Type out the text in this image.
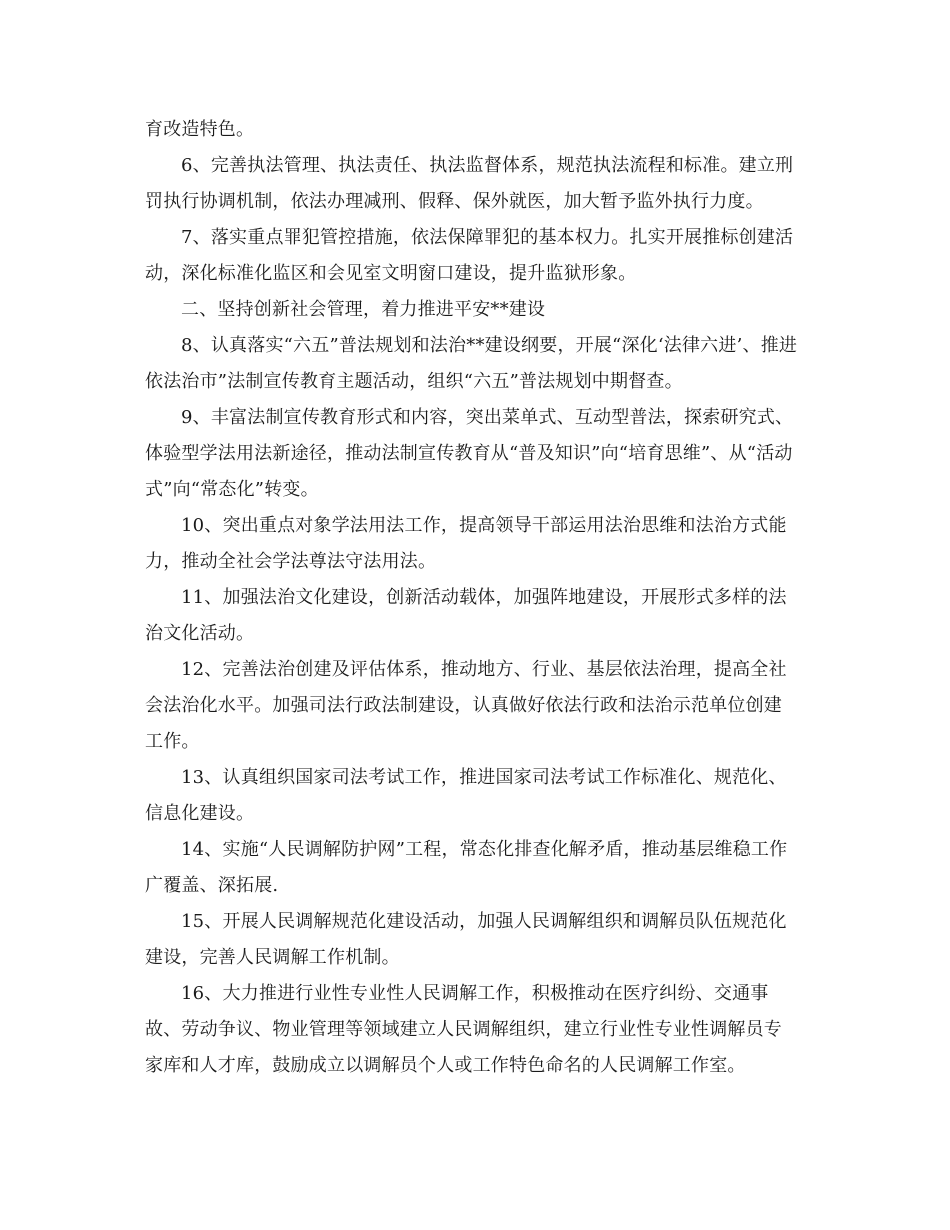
育改造特色。

6、完善执法管理、执法责任、执法监督体系，规范执法流程和标准。建立刑
罚执行协调机制，依法办理减刑、假释、保外就医，加大暂予监外执行力度。

7、落实重点罪犯管控措施，依法保障罪犯的基本权力。扎实开展推标创建活
动，深化标准化监区和会见室文明窗口建设，提升监狱形象。

二、坚持创新社会管理，着力推进平安**建设

8、认真落实“六五”普法规划和法治**建设纲要，开展“深化‘法律六进’、推进
依法治市”法制宣传教育主题活动，组织“六五”普法规划中期督查。

9、丰富法制宣传教育形式和内容，突出菜单式、互动型普法，探索研究式、
体验型学法用法新途径，推动法制宣传教育从“普及知识”向“培育思维”、从“活动
式”向“常态化”转变。

10、突出重点对象学法用法工作，提高领导干部运用法治思维和法治方式能
力，推动全社会学法尊法守法用法。

11、加强法治文化建设，创新活动载体，加强阵地建设，开展形式多样的法
治文化活动。

12、完善法治创建及评估体系，推动地方、行业、基层依法治理，提高全社
会法治化水平。加强司法行政法制建设，认真做好依法行政和法治示范单位创建
工作。

13、认真组织国家司法考试工作，推进国家司法考试工作标准化、规范化、
信息化建设。

14、实施“人民调解防护网”工程，常态化排查化解矛盾，推动基层维稳工作
广覆盖、深拓展.

15、开展人民调解规范化建设活动，加强人民调解组织和调解员队伍规范化
建设，完善人民调解工作机制。

16、大力推进行业性专业性人民调解工作，积极推动在医疗纠纷、交通事
故、劳动争议、物业管理等领域建立人民调解组织，建立行业性专业性调解员专
家库和人才库，鼓励成立以调解员个人或工作特色命名的人民调解工作室。
